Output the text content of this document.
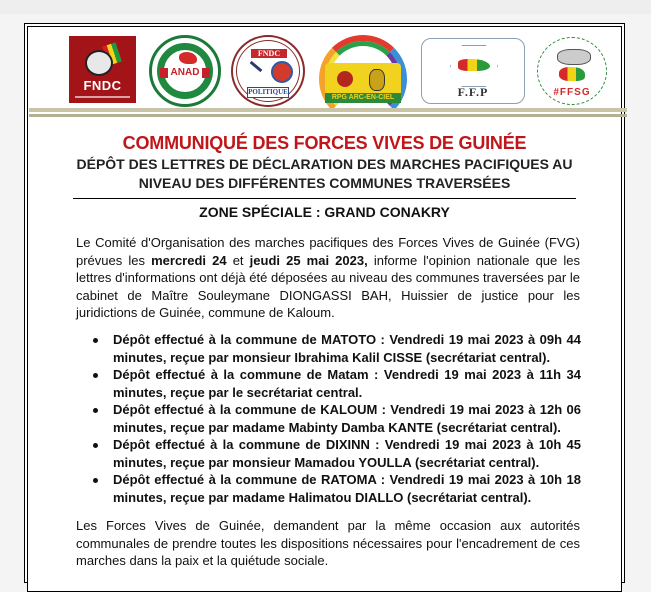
FNDC
ANAD
FNDC
POLITIQUE
RPG ARC-EN-CIEL	F.F.P	#FFSG
COMMUNIQUÉ DES FORCES VIVES DE GUINÉE
DÉPÔT DES LETTRES DE DÉCLARATION DES MARCHES PACIFIQUES AU
NIVEAU DES DIFFÉRENTES COMMUNES TRAVERSÉES
ZONE SPÉCIALE : GRAND CONAKRY
Le Comité d'Organisation des marches pacifiques des Forces Vives de Guinée (FVG) prévues les mercredi 24 et jeudi 25 mai 2023, informe l'opinion nationale que les lettres d'informations ont déjà été déposées au niveau des communes traversées par le cabinet de Maître Souleymane DIONGASSI BAH, Huissier de justice pour les juridictions de Guinée, commune de Kaloum.
Dépôt effectué à la commune de MATOTO : Vendredi 19 mai 2023 à 09h 44 minutes, reçue par monsieur Ibrahima Kalil CISSE (secrétariat central).
Dépôt effectué à la commune de Matam : Vendredi 19 mai 2023 à 11h 34 minutes, reçue par le secrétariat central.
Dépôt effectué à la commune de KALOUM : Vendredi 19 mai 2023 à 12h 06 minutes, reçue par madame Mabinty Damba KANTE (secrétariat central).
Dépôt effectué à la commune de DIXINN : Vendredi 19 mai 2023 à 10h 45 minutes, reçue par monsieur Mamadou YOULLA (secrétariat central).
Dépôt effectué à la commune de RATOMA : Vendredi 19 mai 2023 à 10h 18 minutes, reçue par madame Halimatou DIALLO (secrétariat central).
Les Forces Vives de Guinée, demandent par la même occasion aux autorités communales de prendre toutes les dispositions nécessaires pour l'encadrement de ces marches dans la paix et la quiétude sociale.
